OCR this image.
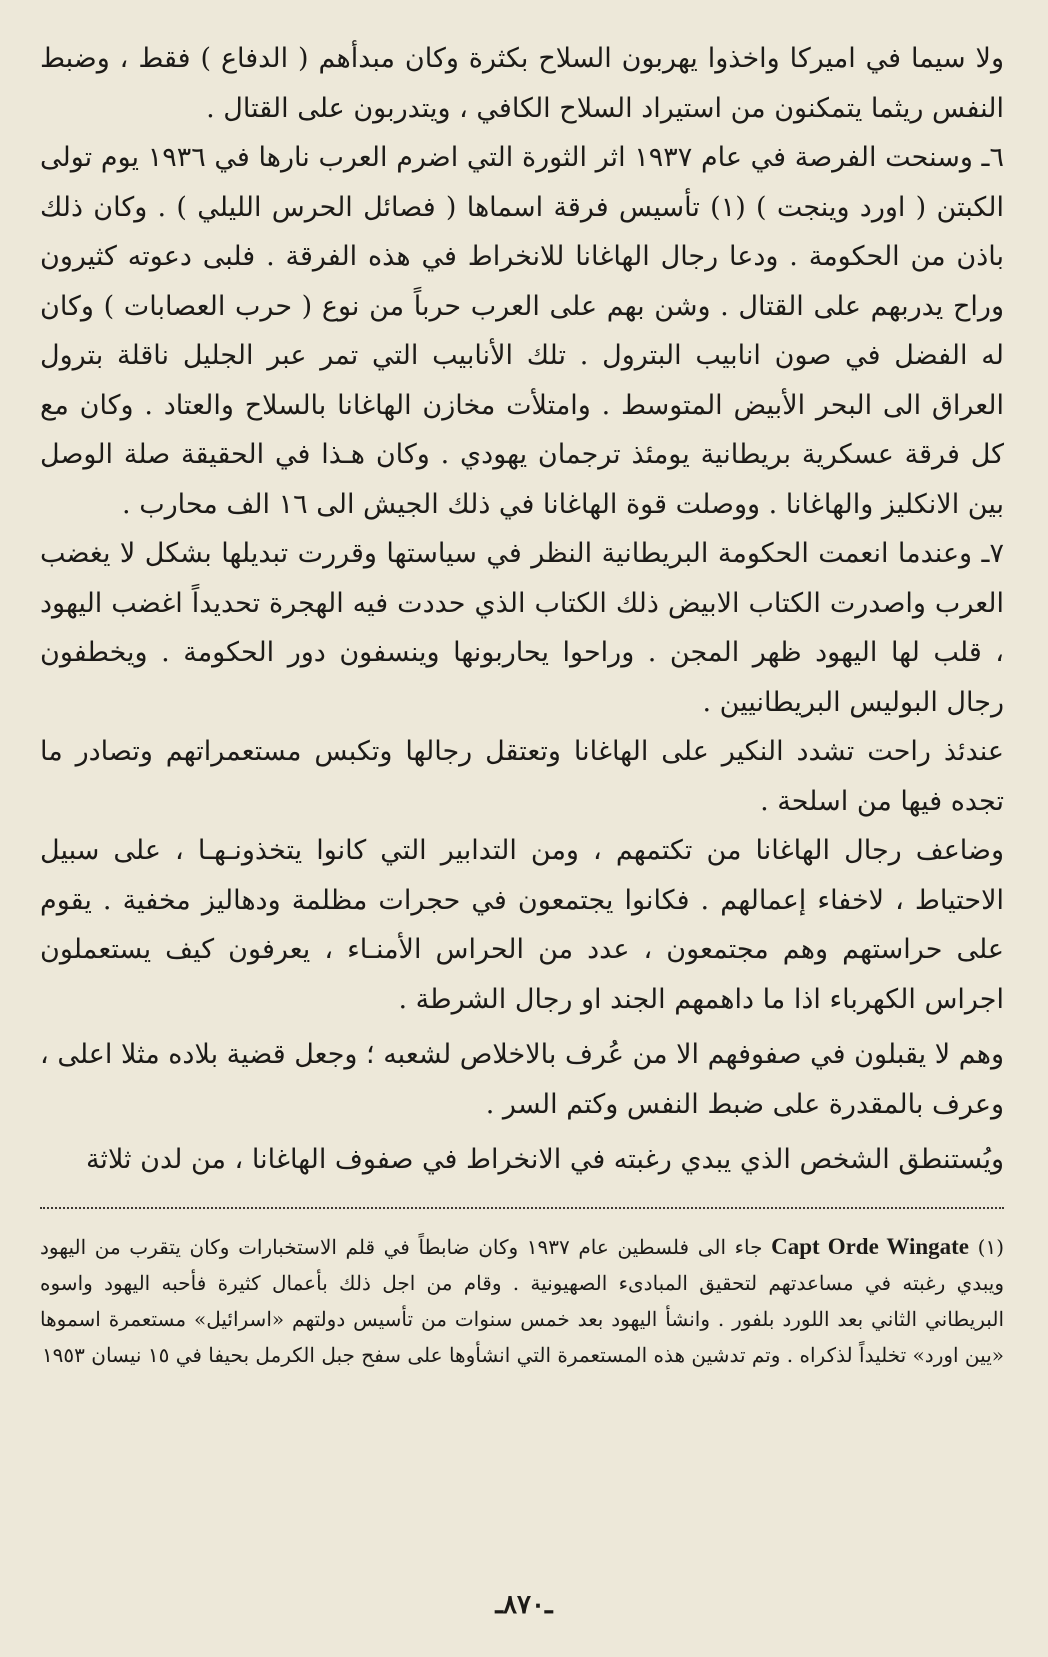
ولا سيما في اميركا واخذوا يهربون السلاح بكثرة وكان مبدأهم ( الدفاع ) فقط ، وضبط النفس ريثما يتمكنون من استيراد السلاح الكافي ، ويتدربون على القتال .

٦ـ وسنحت الفرصة في عام ١٩٣٧ اثر الثورة التي اضرم العرب نارها في ١٩٣٦ يوم تولى الكبتن ( اورد وينجت ) (١) تأسيس فرقة اسماها ( فصائل الحرس الليلي ) . وكان ذلك باذن من الحكومة . ودعا رجال الهاغانا للانخراط في هذه الفرقة . فلبى دعوته كثيرون وراح يدربهم على القتال . وشن بهم على العرب حرباً من نوع ( حرب العصابات ) وكان له الفضل في صون انابيب البترول . تلك الأنابيب التي تمر عبر الجليل ناقلة بترول العراق الى البحر الأبيض المتوسط . وامتلأت مخازن الهاغانا بالسلاح والعتاد . وكان مع كل فرقة عسكرية بريطانية يومئذ ترجمان يهودي . وكان هـذا في الحقيقة صلة الوصل بين الانكليز والهاغانا . ووصلت قوة الهاغانا في ذلك الجيش الى ١٦ الف محارب .

٧ـ وعندما انعمت الحكومة البريطانية النظر في سياستها وقررت تبديلها بشكل لا يغضب العرب واصدرت الكتاب الابيض ذلك الكتاب الذي حددت فيه الهجرة تحديداً اغضب اليهود ، قلب لها اليهود ظهر المجن . وراحوا يحاربونها وينسفون دور الحكومة . ويخطفون رجال البوليس البريطانيين .

عندئذ راحت تشدد النكير على الهاغانا وتعتقل رجالها وتكبس مستعمراتهم وتصادر ما تجده فيها من اسلحة .

وضاعف رجال الهاغانا من تكتمهم ، ومن التدابير التي كانوا يتخذونـهـا ، على سبيل الاحتياط ، لاخفاء إعمالهم . فكانوا يجتمعون في حجرات مظلمة ودهاليز مخفية . يقوم على حراستهم وهم مجتمعون ، عدد من الحراس الأمنـاء ، يعرفون كيف يستعملون اجراس الكهرباء اذا ما داهمهم الجند او رجال الشرطة .

وهم لا يقبلون في صفوفهم الا من عُرف بالاخلاص لشعبه ؛ وجعل قضية بلاده مثلا اعلى ، وعرف بالمقدرة على ضبط النفس وكتم السر .

ويُستنطق الشخص الذي يبدي رغبته في الانخراط في صفوف الهاغانا ، من لدن ثلاثة

(١) Capt Orde Wingate جاء الى فلسطين عام ١٩٣٧ وكان ضابطاً في قلم الاستخبارات وكان يتقرب من اليهود ويبدي رغبته في مساعدتهم لتحقيق المبادىء الصهيونية . وقام من اجل ذلك بأعمال كثيرة فأحبه اليهود واسوه البريطاني الثاني بعد اللورد بلفور . وانشأ اليهود بعد خمس سنوات من تأسيس دولتهم «اسرائيل» مستعمرة اسموها «يين اورد» تخليداً لذكراه . وتم تدشين هذه المستعمرة التي انشأوها على سفح جبل الكرمل بحيفا في ١٥ نيسان ١٩٥٣

ـ٨٧٠ـ
